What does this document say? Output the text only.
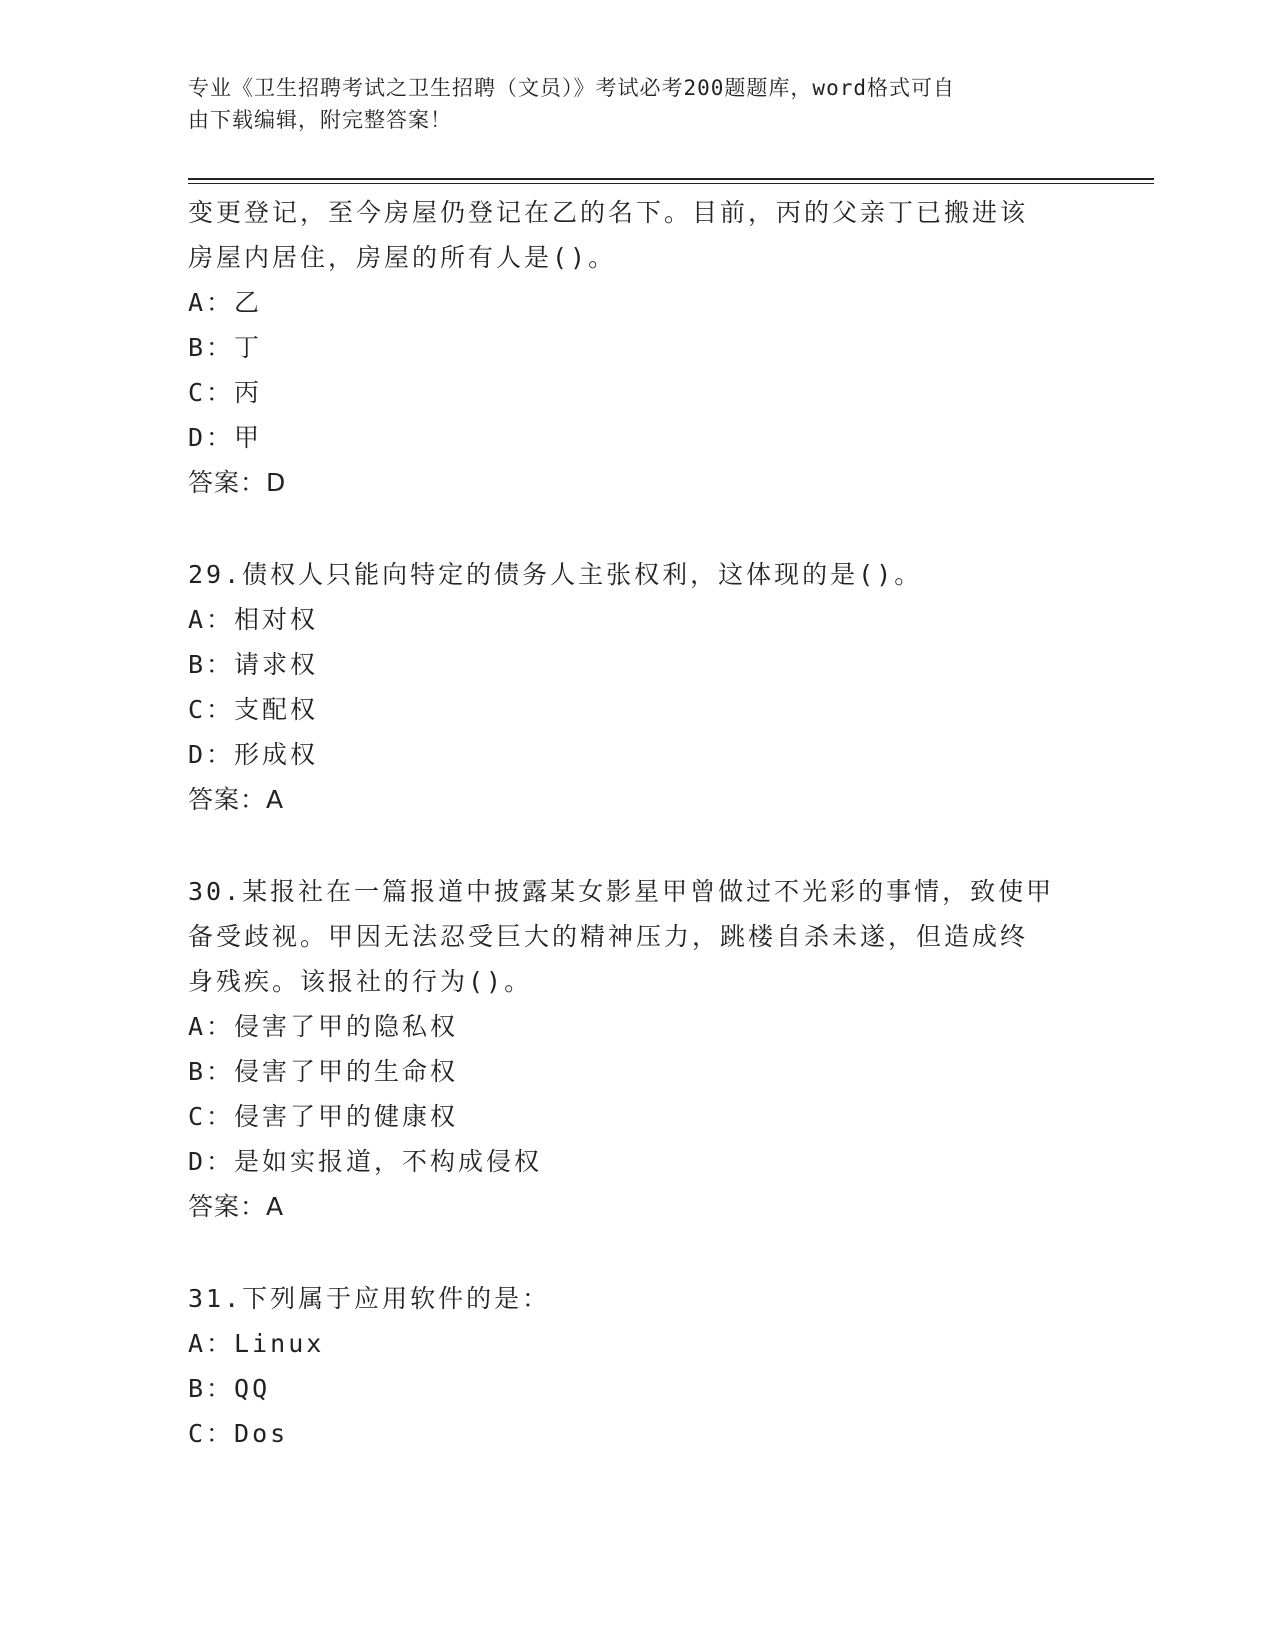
专业《卫生招聘考试之卫生招聘（文员）》考试必考200题题库，word格式可自
由下载编辑，附完整答案！
变更登记，至今房屋仍登记在乙的名下。目前，丙的父亲丁已搬进该
房屋内居住，房屋的所有人是()。
A：乙
B：丁
C：丙
D：甲
答案：D
29.债权人只能向特定的债务人主张权利，这体现的是()。
A：相对权
B：请求权
C：支配权
D：形成权
答案：A
30.某报社在一篇报道中披露某女影星甲曾做过不光彩的事情，致使甲
备受歧视。甲因无法忍受巨大的精神压力，跳楼自杀未遂，但造成终
身残疾。该报社的行为()。
A：侵害了甲的隐私权
B：侵害了甲的生命权
C：侵害了甲的健康权
D：是如实报道，不构成侵权
答案：A
31.下列属于应用软件的是：
A：Linux
B：QQ
C：Dos
